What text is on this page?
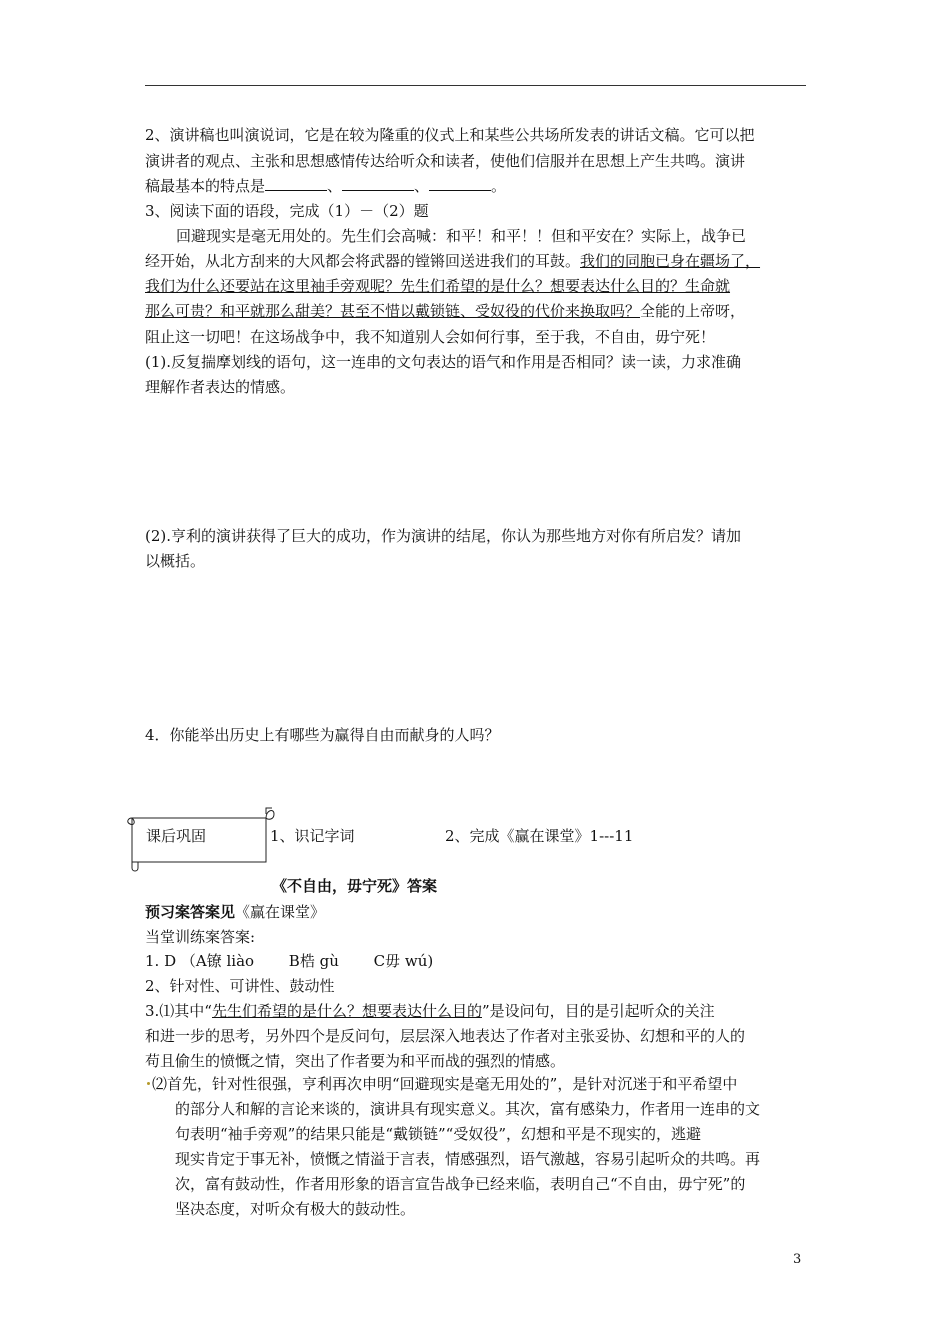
2、演讲稿也叫演说词，它是在较为隆重的仪式上和某些公共场所发表的讲话文稿。它可以把
演讲者的观点、主张和思想感情传达给听众和读者，使他们信服并在思想上产生共鸣。演讲
稿最基本的特点是	、	、	。
3、阅读下面的语段，完成（1）－（2）题
回避现实是毫无用处的。先生们会高喊：和平！和平！！但和平安在？实际上，战争已
经开始，从北方刮来的大风都会将武器的镗锵回送进我们的耳鼓。我们的同胞已身在疆场了，
我们为什么还要站在这里袖手旁观呢？先生们希望的是什么？想要表达什么目的？生命就
那么可贵？和平就那么甜美？甚至不惜以戴锁链、受奴役的代价来换取吗？全能的上帝呀，
阻止这一切吧！在这场战争中，我不知道别人会如何行事，至于我，不自由，毋宁死！
(1).反复揣摩划线的语句，这一连串的文句表达的语气和作用是否相同？读一读，力求准确
理解作者表达的情感。
(2).亨利的演讲获得了巨大的成功，作为演讲的结尾，你认为那些地方对你有所启发？请加
以概括。
4．你能举出历史上有哪些为赢得自由而献身的人吗？
课后巩固	1、识记字词	2、完成《赢在课堂》1---11
《不自由，毋宁死》答案
预习案答案见《赢在课堂》
当堂训练案答案:
1. D （A镣 liào　　 B梏 gù　　 C毋 wú)
2、针对性、可讲性、鼓动性
3.⑴其中“先生们希望的是什么？想要表达什么目的”是设问句，目的是引起听众的关注
和进一步的思考，另外四个是反问句，层层深入地表达了作者对主张妥协、幻想和平的人的
苟且偷生的愤慨之情，突出了作者要为和平而战的强烈的情感。
⑵首先，针对性很强，亨利再次申明“回避现实是毫无用处的”，是针对沉迷于和平希望中
的部分人和解的言论来谈的，演讲具有现实意义。其次，富有感染力，作者用一连串的文
句表明“袖手旁观”的结果只能是“戴锁链”“受奴役”，幻想和平是不现实的，逃避
现实肯定于事无补，愤慨之情溢于言表，情感强烈，语气激越，容易引起听众的共鸣。再
次，富有鼓动性，作者用形象的语言宣告战争已经来临，表明自己“不自由，毋宁死”的
坚决态度，对听众有极大的鼓动性。
3
